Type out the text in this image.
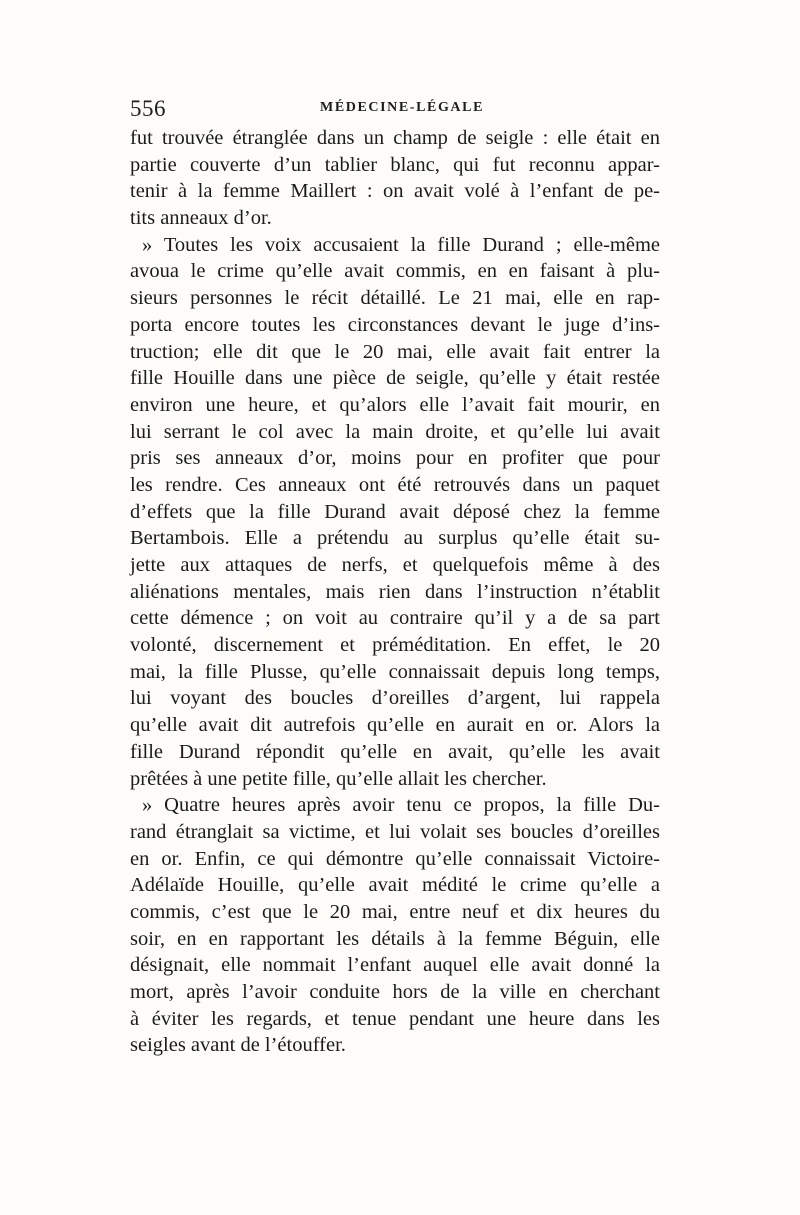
556	MÉDECINE-LÉGALE
fut trouvée étranglée dans un champ de seigle : elle était en
partie couverte d’un tablier blanc, qui fut reconnu appar-
tenir à la femme Maillert : on avait volé à l’enfant de pe-
tits anneaux d’or.
» Toutes les voix accusaient la fille Durand ; elle-même
avoua le crime qu’elle avait commis, en en faisant à plu-
sieurs personnes le récit détaillé. Le 21 mai, elle en rap-
porta encore toutes les circonstances devant le juge d’ins-
truction; elle dit que le 20 mai, elle avait fait entrer la
fille Houille dans une pièce de seigle, qu’elle y était restée
environ une heure, et qu’alors elle l’avait fait mourir, en
lui serrant le col avec la main droite, et qu’elle lui avait
pris ses anneaux d’or, moins pour en profiter que pour
les rendre. Ces anneaux ont été retrouvés dans un paquet
d’effets que la fille Durand avait déposé chez la femme
Bertambois. Elle a prétendu au surplus qu’elle était su-
jette aux attaques de nerfs, et quelquefois même à des
aliénations mentales, mais rien dans l’instruction n’établit
cette démence ; on voit au contraire qu’il y a de sa part
volonté, discernement et préméditation. En effet, le 20
mai, la fille Plusse, qu’elle connaissait depuis long temps,
lui voyant des boucles d’oreilles d’argent, lui rappela
qu’elle avait dit autrefois qu’elle en aurait en or. Alors la
fille Durand répondit qu’elle en avait, qu’elle les avait
prêtées à une petite fille, qu’elle allait les chercher.
» Quatre heures après avoir tenu ce propos, la fille Du-
rand étranglait sa victime, et lui volait ses boucles d’oreilles
en or. Enfin, ce qui démontre qu’elle connaissait Victoire-
Adélaïde Houille, qu’elle avait médité le crime qu’elle a
commis, c’est que le 20 mai, entre neuf et dix heures du
soir, en en rapportant les détails à la femme Béguin, elle
désignait, elle nommait l’enfant auquel elle avait donné la
mort, après l’avoir conduite hors de la ville en cherchant
à éviter les regards, et tenue pendant une heure dans les
seigles avant de l’étouffer.
